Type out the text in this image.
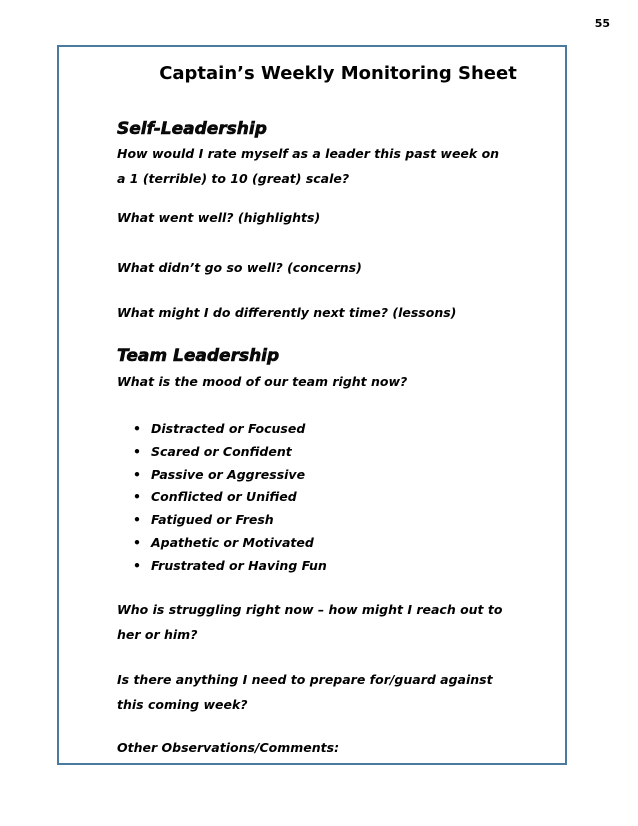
55
Captain’s Weekly Monitoring Sheet
Self-Leadership
How would I rate myself as a leader this past week on
a 1 (terrible) to 10 (great) scale?
What went well? (highlights)
What didn’t go so well? (concerns)
What might I do differently next time? (lessons)
Team Leadership
What is the mood of our team right now?
• Distracted or Focused
• Scared or Confident
• Passive or Aggressive
• Conflicted or Unified
• Fatigued or Fresh
• Apathetic or Motivated
• Frustrated or Having Fun
Who is struggling right now – how might I reach out to
her or him?
Is there anything I need to prepare for/guard against
this coming week?
Other Observations/Comments:
